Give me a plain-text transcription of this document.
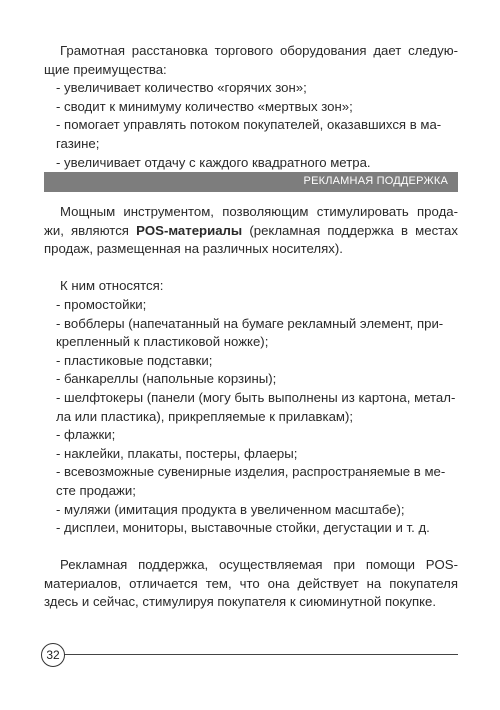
Грамотная расстановка торгового оборудования дает следую-щие преимущества:

- увеличивает количество «горячих зон»;

- сводит к минимуму количество «мертвых зон»;

- помогает управлять потоком покупателей, оказавшихся в ма-

газине;

- увеличивает отдачу с каждого квадратного метра.

РЕКЛАМНАЯ ПОДДЕРЖКА

Мощным инструментом, позволяющим стимулировать прода-жи, являются POS-материалы (рекламная поддержка в местах продаж, размещенная на различных носителях).

К ним относятся:

- промостойки;

- вобблеры (напечатанный на бумаге рекламный элемент, при-

крепленный к пластиковой ножке);

- пластиковые подставки;

- банкареллы (напольные корзины);

- шелфтокеры (панели (могу быть выполнены из картона, метал-

ла или пластика), прикрепляемые к прилавкам);

- флажки;

- наклейки, плакаты, постеры, флаеры;

- всевозможные сувенирные изделия, распространяемые в ме-

сте продажи;

- муляжи (имитация продукта в увеличенном масштабе);

- дисплеи, мониторы, выставочные стойки, дегустации и т. д.

Рекламная поддержка, осуществляемая при помощи POS-материалов, отличается тем, что она действует на покупателя здесь и сейчас, стимулируя покупателя к сиюминутной покупке.

32
